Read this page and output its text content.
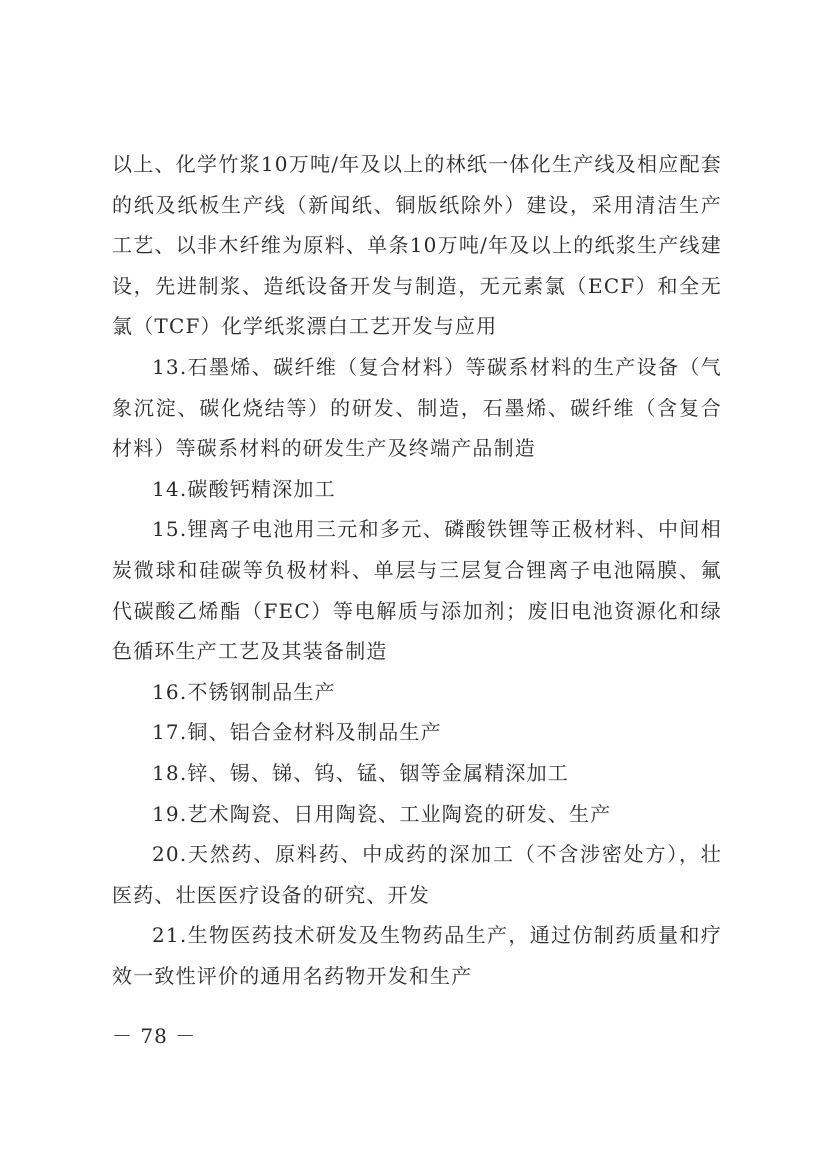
以上、化学竹浆10万吨/年及以上的林纸一体化生产线及相应配套的纸及纸板生产线（新闻纸、铜版纸除外）建设，采用清洁生产工艺、以非木纤维为原料、单条10万吨/年及以上的纸浆生产线建设，先进制浆、造纸设备开发与制造，无元素氯（ECF）和全无氯（TCF）化学纸浆漂白工艺开发与应用

13.石墨烯、碳纤维（复合材料）等碳系材料的生产设备（气象沉淀、碳化烧结等）的研发、制造，石墨烯、碳纤维（含复合材料）等碳系材料的研发生产及终端产品制造

14.碳酸钙精深加工

15.锂离子电池用三元和多元、磷酸铁锂等正极材料、中间相炭微球和硅碳等负极材料、单层与三层复合锂离子电池隔膜、氟代碳酸乙烯酯（FEC）等电解质与添加剂；废旧电池资源化和绿色循环生产工艺及其装备制造

16.不锈钢制品生产

17.铜、铝合金材料及制品生产

18.锌、锡、锑、钨、锰、铟等金属精深加工

19.艺术陶瓷、日用陶瓷、工业陶瓷的研发、生产

20.天然药、原料药、中成药的深加工（不含涉密处方），壮医药、壮医医疗设备的研究、开发

21.生物医药技术研发及生物药品生产，通过仿制药质量和疗效一致性评价的通用名药物开发和生产

－ 78 －
